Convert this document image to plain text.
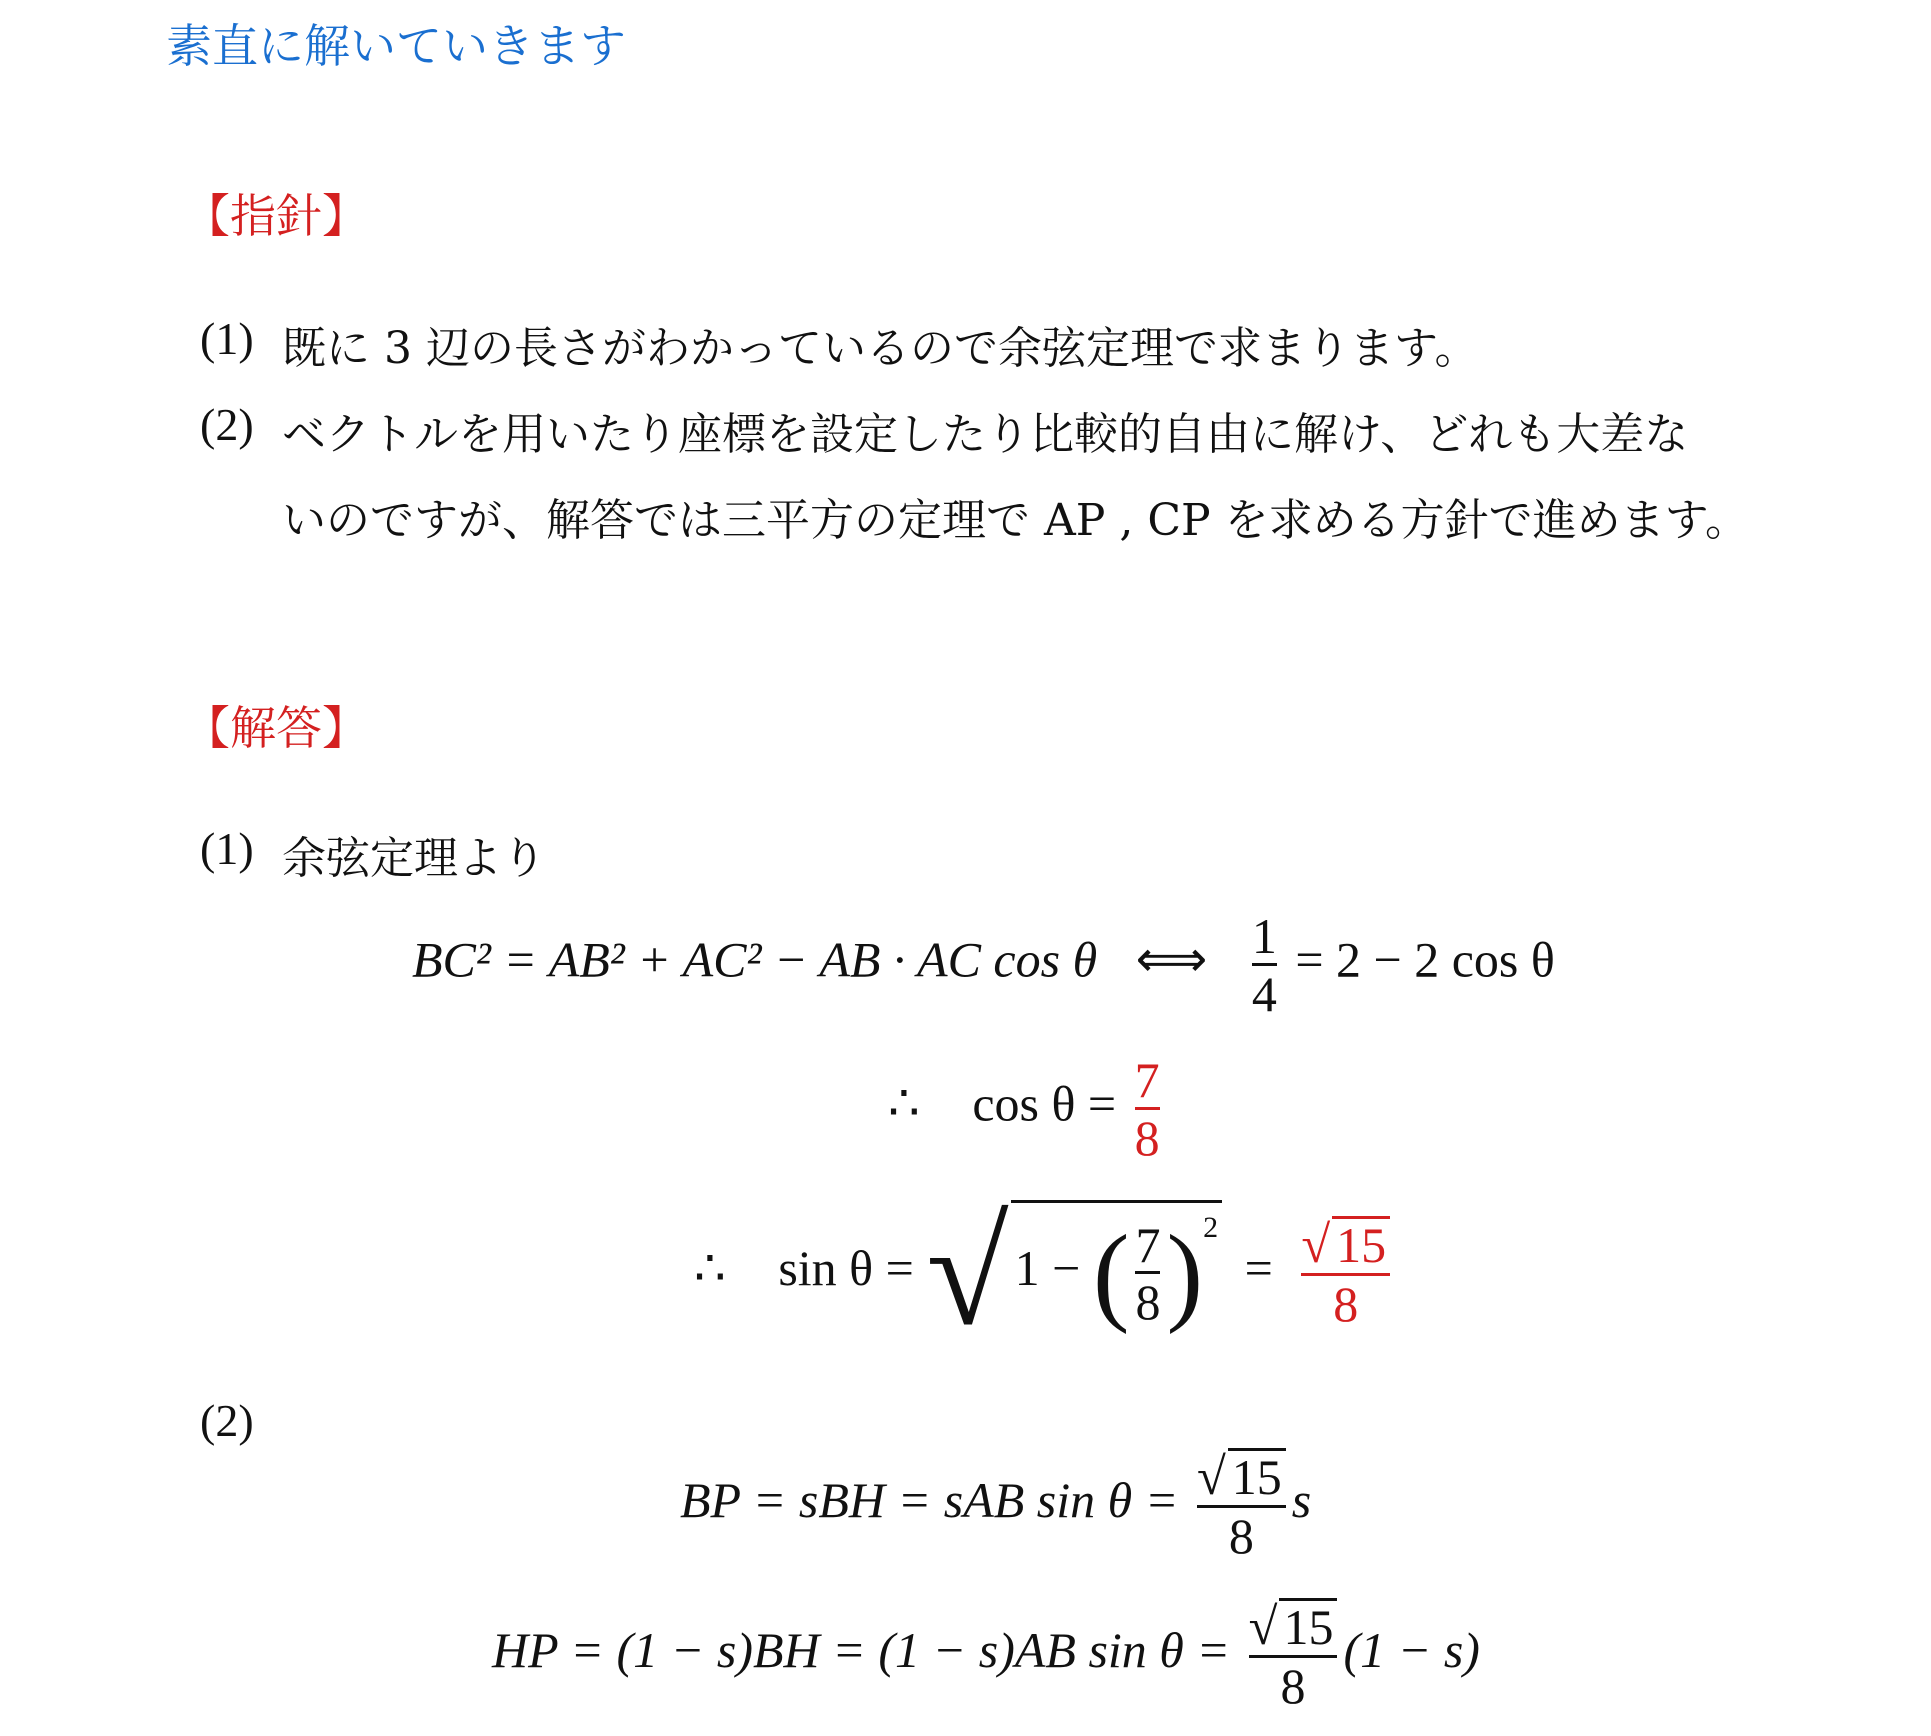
素直に解いていきます
【指針】
(1) 既に 3 辺の長さがわかっているので余弦定理で求まります。
(2) ベクトルを用いたり座標を設定したり比較的自由に解け、どれも大差な
いのですが、解答では三平方の定理で AP , CP を求める方針で進めます。
【解答】
(1) 余弦定理より
BC² = AB² + AC² − AB · AC cos θ ⟺ $\frac{1}{4} = 2 - 2$ cos θ
∴ $\cos \theta = \frac{7}{8}$
∴ sin θ = √ 1 − ( $\frac{7}{8} )^2 = \frac{√ 15}{8}$
(2)
BP = sBH = sAB $\sin \theta = \frac{√ 15}{8}$ s
HP = (1 − s)BH = (1 − s)AB $\sin \theta = \frac{√ 15}{8} (1 - s)$
